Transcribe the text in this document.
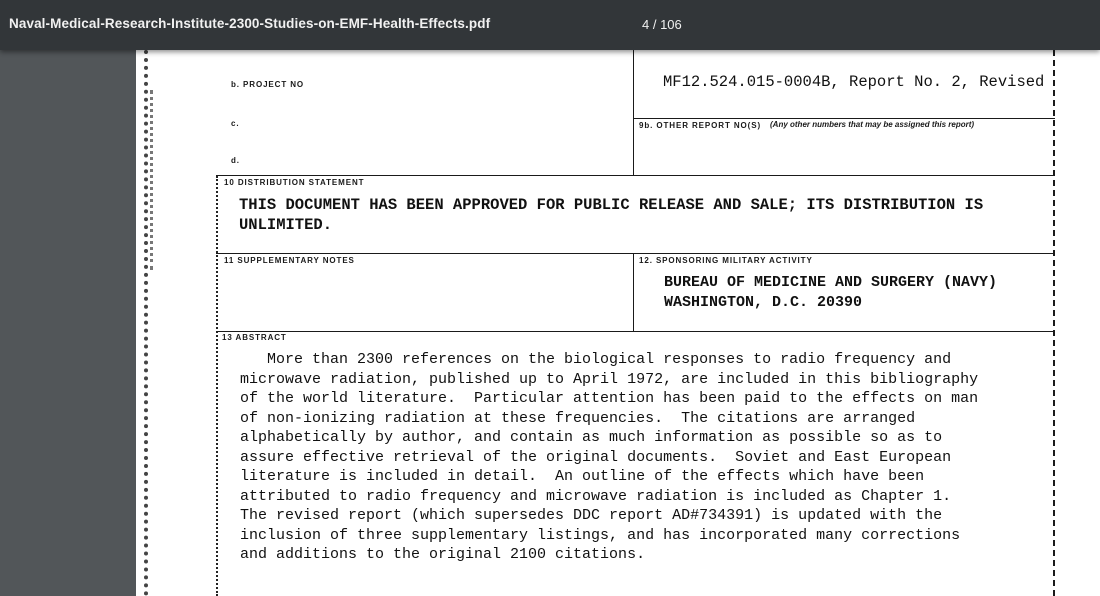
Naval-Medical-Research-Institute-2300-Studies-on-EMF-Health-Effects.pdf	4 / 106
b. PROJECT NO
c.
d.
MF12.524.015-0004B, Report No. 2, Revised
9b. OTHER REPORT NO(S)	(Any other numbers that may be assigned this report)
10 DISTRIBUTION STATEMENT
THIS DOCUMENT HAS BEEN APPROVED FOR PUBLIC RELEASE AND SALE; ITS DISTRIBUTION IS
UNLIMITED.
11 SUPPLEMENTARY NOTES	12. SPONSORING MILITARY ACTIVITY
BUREAU OF MEDICINE AND SURGERY (NAVY)
WASHINGTON, D.C. 20390
13 ABSTRACT
More than 2300 references on the biological responses to radio frequency and
microwave radiation, published up to April 1972, are included in this bibliography
of the world literature.  Particular attention has been paid to the effects on man
of non-ionizing radiation at these frequencies.  The citations are arranged
alphabetically by author, and contain as much information as possible so as to
assure effective retrieval of the original documents.  Soviet and East European
literature is included in detail.  An outline of the effects which have been
attributed to radio frequency and microwave radiation is included as Chapter 1.
The revised report (which supersedes DDC report AD#734391) is updated with the
inclusion of three supplementary listings, and has incorporated many corrections
and additions to the original 2100 citations.
